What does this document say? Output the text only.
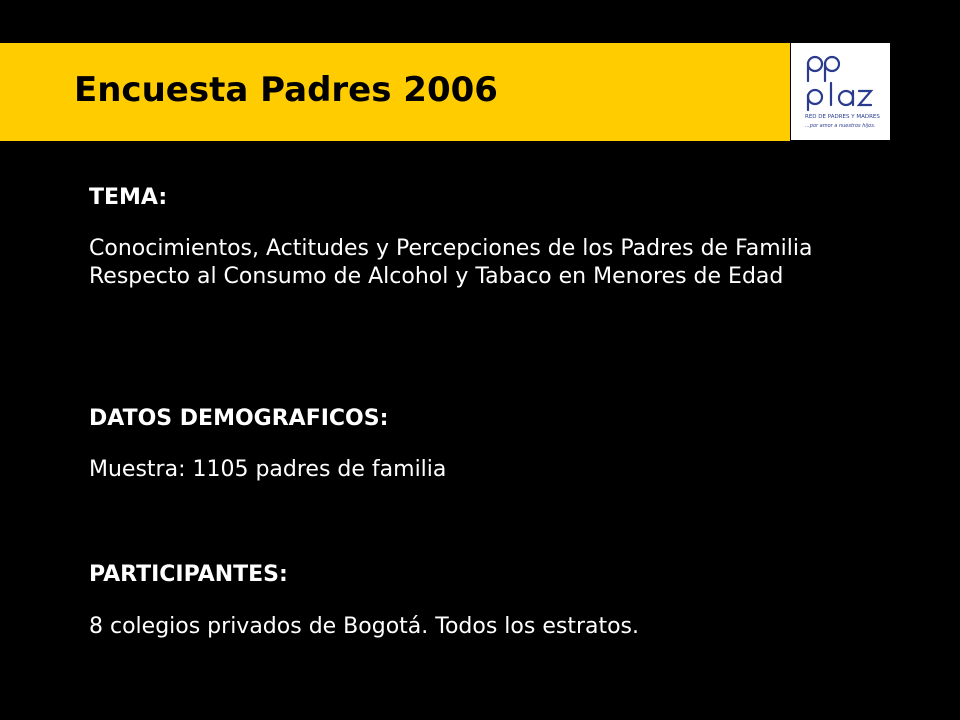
Encuesta Padres 2006
RED DE PADRES Y MADRES
...por amor a nuestros hijos.

TEMA:

Conocimientos, Actitudes y Percepciones de los Padres de Familia Respecto al Consumo de Alcohol y Tabaco en Menores de Edad

DATOS DEMOGRAFICOS:

Muestra: 1105 padres de familia

PARTICIPANTES:

8 colegios privados de Bogotá. Todos los estratos.
